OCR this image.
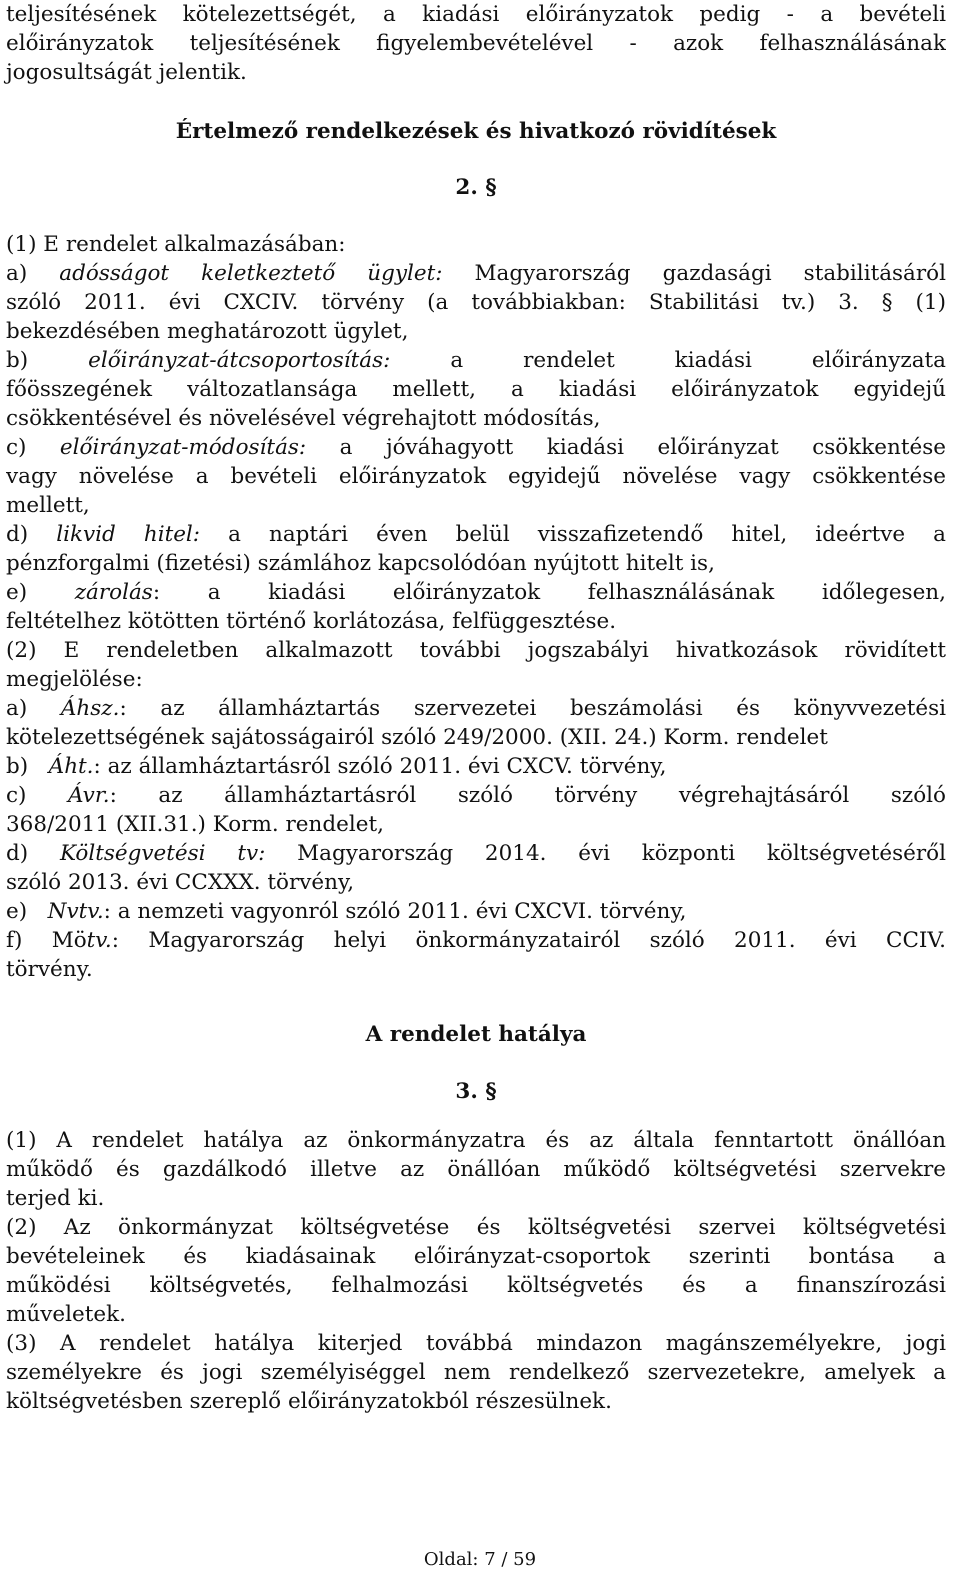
teljesítésének kötelezettségét, a kiadási előirányzatok pedig - a bevételi
előirányzatok teljesítésének figyelembevételével - azok felhasználásának
jogosultságát jelentik.
Értelmező rendelkezések és hivatkozó rövidítések
2. §
(1) E rendelet alkalmazásában:
a) adósságot keletkeztető ügylet: Magyarország gazdasági stabilitásáról
szóló 2011. évi CXCIV. törvény (a továbbiakban: Stabilitási tv.) 3. § (1)
bekezdésében meghatározott ügylet,
b)	előirányzat-átcsoportosítás:	a rendelet kiadási előirányzata
főösszegének változatlansága mellett, a kiadási előirányzatok egyidejű
csökkentésével és növelésével végrehajtott módosítás,
c) előirányzat-módosítás: a jóváhagyott kiadási előirányzat csökkentése
vagy növelése a bevételi előirányzatok egyidejű növelése vagy csökkentése
mellett,
d) likvid hitel: a naptári éven belül visszafizetendő hitel, ideértve a
pénzforgalmi (fizetési) számlához kapcsolódóan nyújtott hitelt is,
e) zárolás: a kiadási előirányzatok felhasználásának időlegesen,
feltételhez kötötten történő korlátozása, felfüggesztése.
(2) E rendeletben alkalmazott további jogszabályi hivatkozások rövidített
megjelölése:
a) Áhsz.: az államháztartás szervezetei beszámolási és könyvvezetési
kötelezettségének sajátosságairól szóló 249/2000. (XII. 24.) Korm. rendelet
b) Áht.: az államháztartásról szóló 2011. évi CXCV. törvény,
c) Ávr.: az államháztartásról szóló törvény végrehajtásáról szóló
368/2011 (XII.31.) Korm. rendelet,
d) Költségvetési tv: Magyarország 2014. évi központi költségvetéséről
szóló 2013. évi CCXXX. törvény,
e) Nvtv.: a nemzeti vagyonról szóló 2011. évi CXCVI. törvény,
f) Mötv.: Magyarország helyi önkormányzatairól szóló 2011. évi CCIV.
törvény.
A rendelet hatálya
3. §
(1) A rendelet hatálya az önkormányzatra és az általa fenntartott önállóan
működő és gazdálkodó illetve az önállóan működő költségvetési szervekre
terjed ki.
(2) Az önkormányzat költségvetése és költségvetési szervei költségvetési
bevételeinek és kiadásainak előirányzat-csoportok szerinti bontása a
működési költségvetés, felhalmozási költségvetés és a finanszírozási
műveletek.
(3) A rendelet hatálya kiterjed továbbá mindazon magánszemélyekre, jogi
személyekre és jogi személyiséggel nem rendelkező szervezetekre, amelyek a
költségvetésben szereplő előirányzatokból részesülnek.
Oldal: 7 / 59
